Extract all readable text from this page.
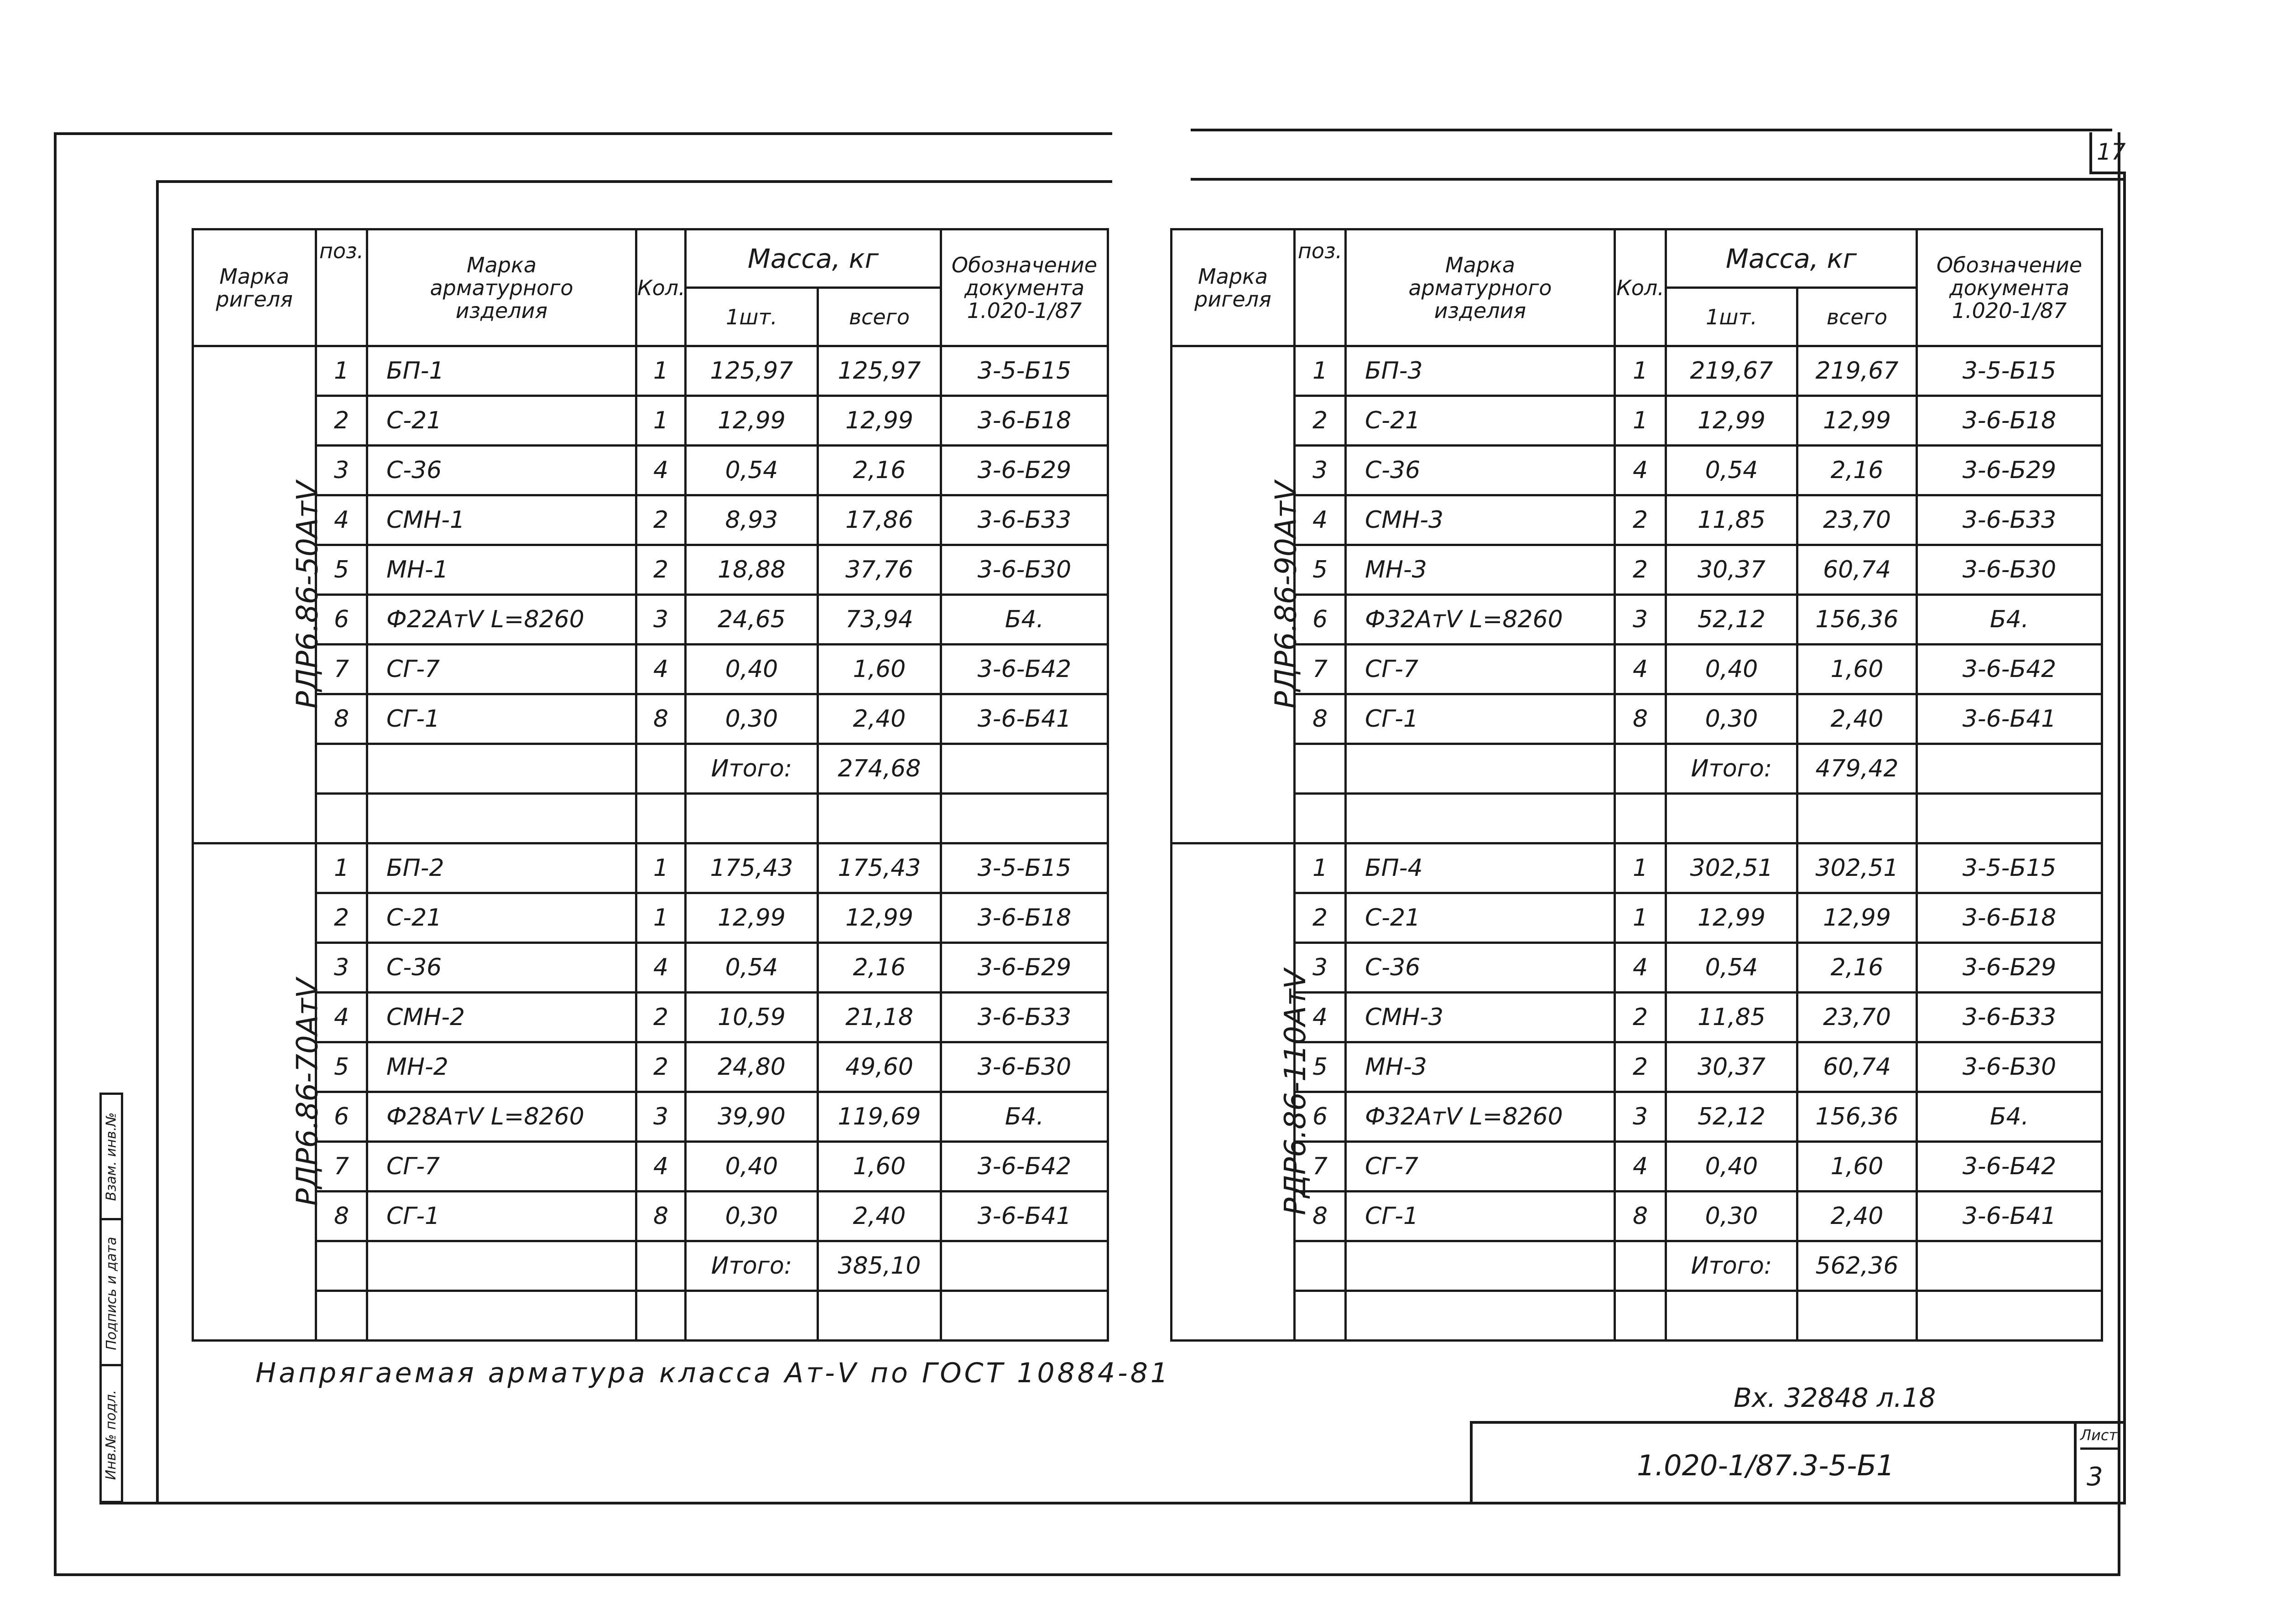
17
Марка ригеля	поз.	Марка арматурного изделия	Кол.	Масса, кг		Обозначение документа 1.020-1/87
				1шт.	всего	
РДР6.86-50АтV	1	БП-1	1	125,97	125,97	3-5-Б15
	2	С-21	1	12,99	12,99	3-6-Б18
	3	С-36	4	0,54	2,16	3-6-Б29
	4	СМН-1	2	8,93	17,86	3-6-Б33
	5	МН-1	2	18,88	37,76	3-6-Б30
	6	Ф22АтV L=8260	3	24,65	73,94	Б4.
	7	СГ-7	4	0,40	1,60	3-6-Б42
	8	СГ-1	8	0,30	2,40	3-6-Б41
				Итого:	274,68	

РДР6.86-70АтV	1	БП-2	1	175,43	175,43	3-5-Б15
	2	С-21	1	12,99	12,99	3-6-Б18
	3	С-36	4	0,54	2,16	3-6-Б29
	4	СМН-2	2	10,59	21,18	3-6-Б33
	5	МН-2	2	24,80	49,60	3-6-Б30
	6	Ф28АтV L=8260	3	39,90	119,69	Б4.
	7	СГ-7	4	0,40	1,60	3-6-Б42
	8	СГ-1	8	0,30	2,40	3-6-Б41
				Итого:	385,10	

Марка ригеля	поз.	Марка арматурного изделия	Кол.	Масса, кг		Обозначение документа 1.020-1/87
				1шт.	всего	
РДР6.86-90АтV	1	БП-3	1	219,67	219,67	3-5-Б15
	2	С-21	1	12,99	12,99	3-6-Б18
	3	С-36	4	0,54	2,16	3-6-Б29
	4	СМН-3	2	11,85	23,70	3-6-Б33
	5	МН-3	2	30,37	60,74	3-6-Б30
	6	Ф32АтV L=8260	3	52,12	156,36	Б4.
	7	СГ-7	4	0,40	1,60	3-6-Б42
	8	СГ-1	8	0,30	2,40	3-6-Б41
				Итого:	479,42	

РДР6.86-110АтV	1	БП-4	1	302,51	302,51	3-5-Б15
	2	С-21	1	12,99	12,99	3-6-Б18
	3	С-36	4	0,54	2,16	3-6-Б29
	4	СМН-3	2	11,85	23,70	3-6-Б33
	5	МН-3	2	30,37	60,74	3-6-Б30
	6	Ф32АтV L=8260	3	52,12	156,36	Б4.
	7	СГ-7	4	0,40	1,60	3-6-Б42
	8	СГ-1	8	0,30	2,40	3-6-Б41
				Итого:	562,36	

Напрягаемая арматура класса Ат-V по ГОСТ 10884-81
Вх. 32848 л.18
1.020-1/87.3-5-Б1
Лист
3
Взам. инв.№
Подпись и дата
Инв.№ подл.
